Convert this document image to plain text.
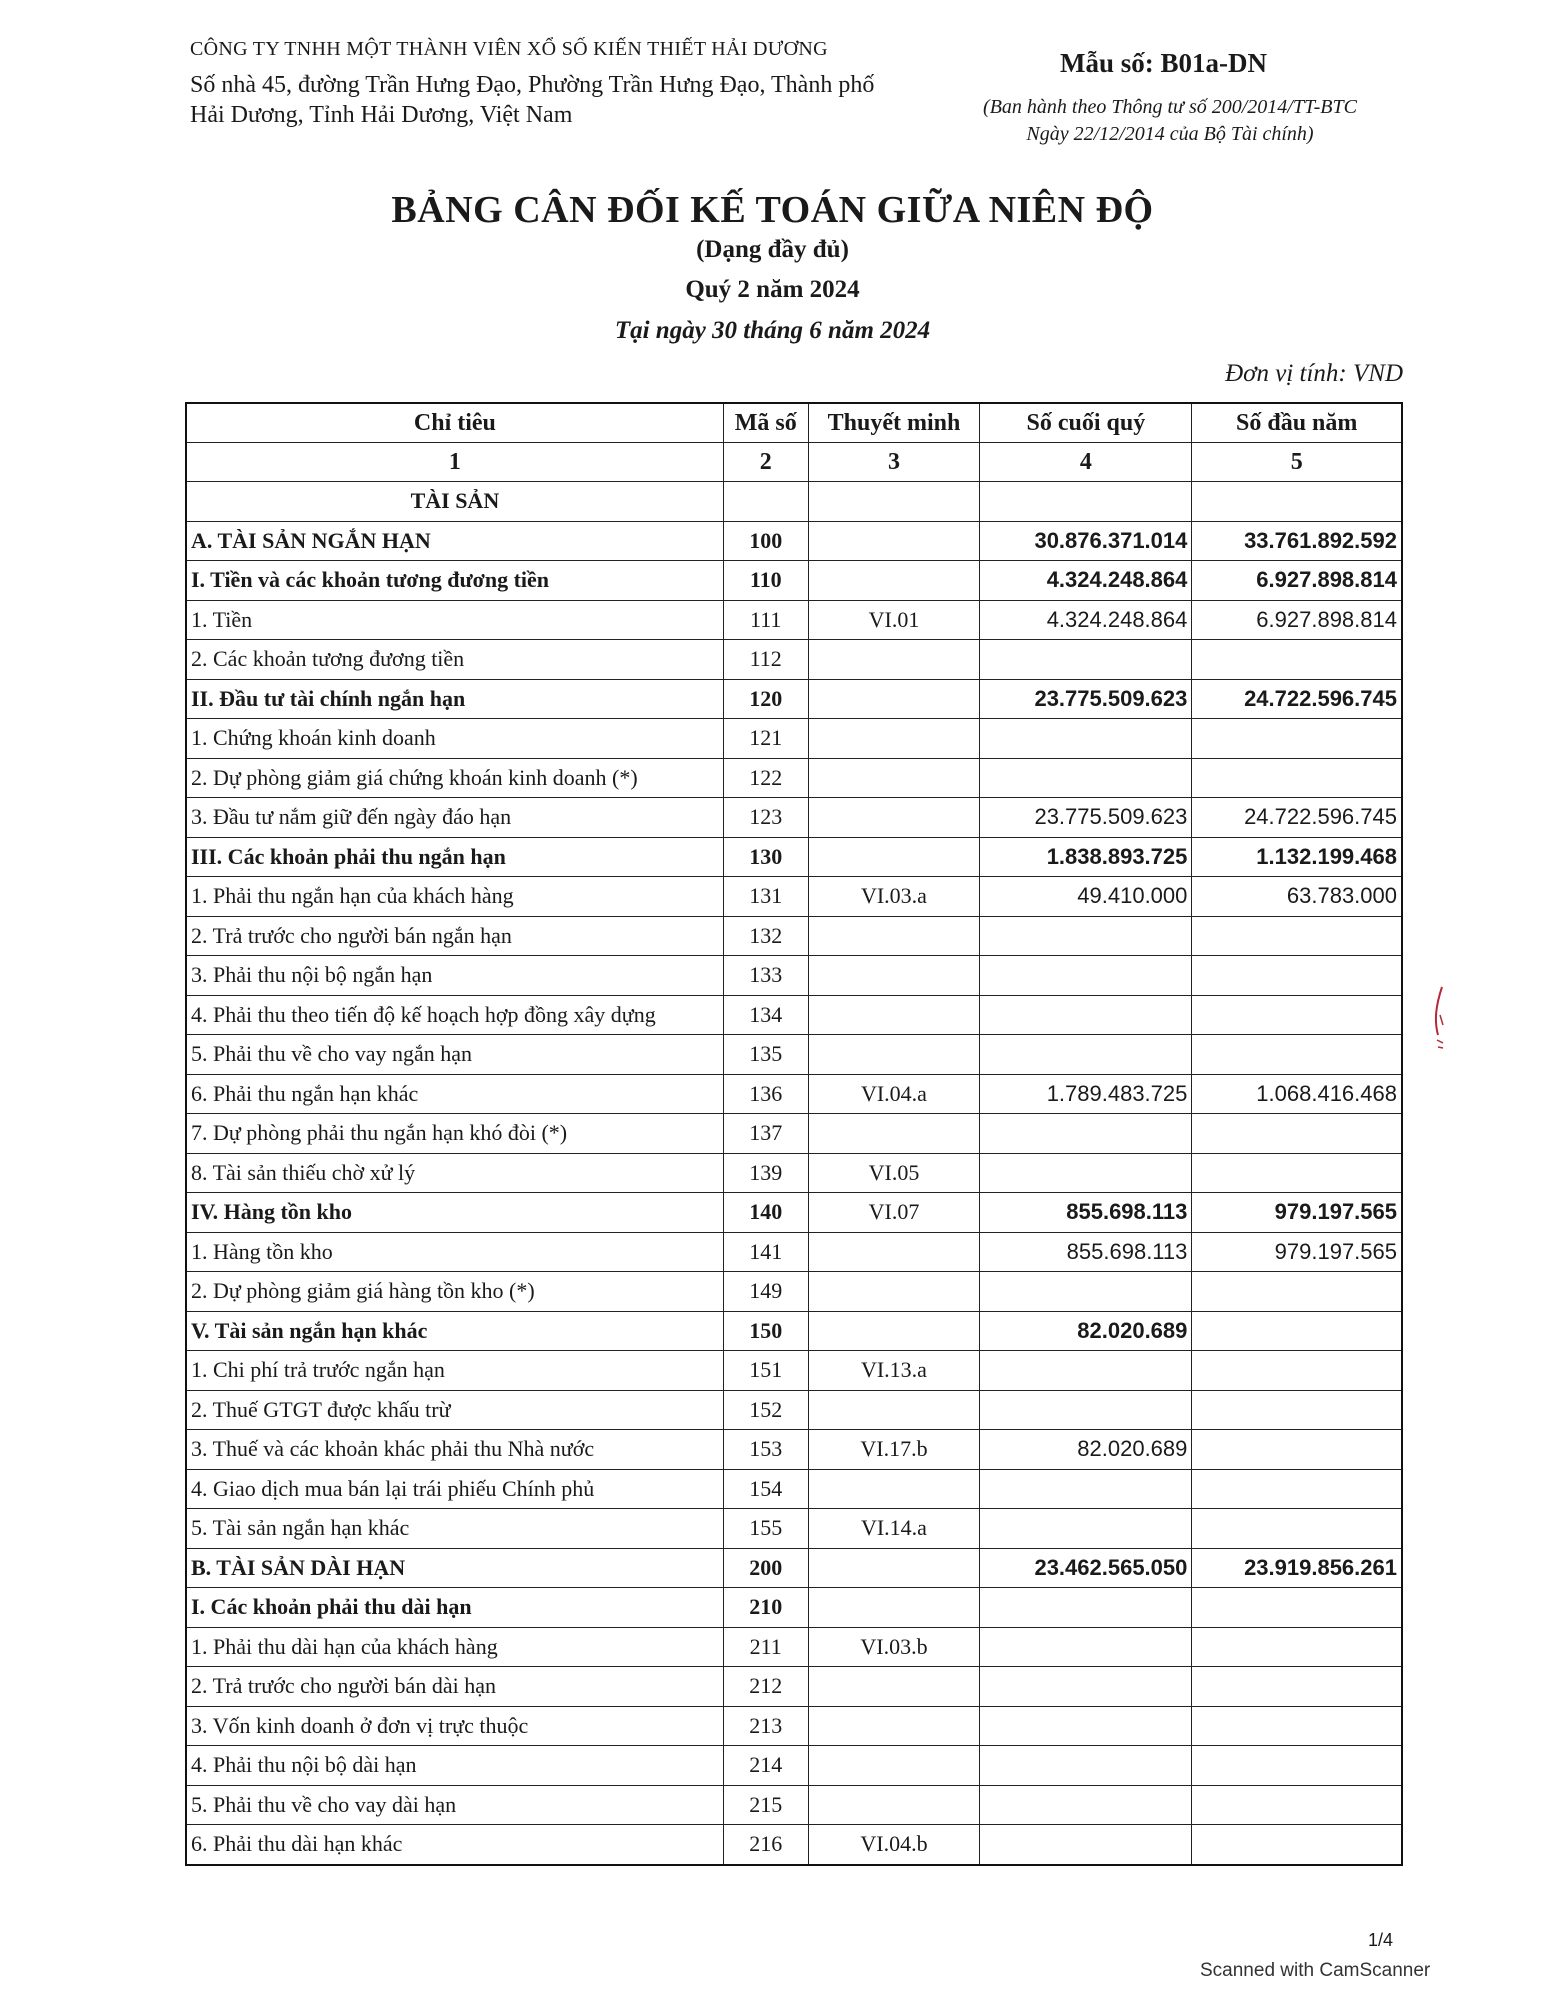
CÔNG TY TNHH MỘT THÀNH VIÊN XỔ SỐ KIẾN THIẾT HẢI DƯƠNG
Số nhà 45, đường Trần Hưng Đạo, Phường Trần Hưng Đạo, Thành phố
Hải Dương, Tỉnh Hải Dương, Việt Nam
Mẫu số: B01a-DN
(Ban hành theo Thông tư số 200/2014/TT-BTC
Ngày 22/12/2014 của Bộ Tài chính)
BẢNG CÂN ĐỐI KẾ TOÁN GIỮA NIÊN ĐỘ
(Dạng đầy đủ)
Quý 2 năm 2024
Tại ngày 30 tháng 6 năm 2024
Đơn vị tính: VND
Chỉ tiêu	Mã số	Thuyết minh	Số cuối quý	Số đầu năm
1	2	3	4	5
TÀI SẢN				
A. TÀI SẢN NGẮN HẠN	100		30.876.371.014	33.761.892.592
I. Tiền và các khoản tương đương tiền	110		4.324.248.864	6.927.898.814
1. Tiền	111	VI.01	4.324.248.864	6.927.898.814
2. Các khoản tương đương tiền	112			
II. Đầu tư tài chính ngắn hạn	120		23.775.509.623	24.722.596.745
1. Chứng khoán kinh doanh	121			
2. Dự phòng giảm giá chứng khoán kinh doanh (*)	122			
3. Đầu tư nắm giữ đến ngày đáo hạn	123		23.775.509.623	24.722.596.745
III. Các khoản phải thu ngắn hạn	130		1.838.893.725	1.132.199.468
1. Phải thu ngắn hạn của khách hàng	131	VI.03.a	49.410.000	63.783.000
2. Trả trước cho người bán ngắn hạn	132			
3. Phải thu nội bộ ngắn hạn	133			
4. Phải thu theo tiến độ kế hoạch hợp đồng xây dựng	134			
5. Phải thu về cho vay ngắn hạn	135			
6. Phải thu ngắn hạn khác	136	VI.04.a	1.789.483.725	1.068.416.468
7. Dự phòng phải thu ngắn hạn khó đòi (*)	137			
8. Tài sản thiếu chờ xử lý	139	VI.05		
IV. Hàng tồn kho	140	VI.07	855.698.113	979.197.565
1. Hàng tồn kho	141		855.698.113	979.197.565
2. Dự phòng giảm giá hàng tồn kho (*)	149			
V. Tài sản ngắn hạn khác	150		82.020.689	
1. Chi phí trả trước ngắn hạn	151	VI.13.a		
2. Thuế GTGT được khấu trừ	152			
3. Thuế và các khoản khác phải thu Nhà nước	153	VI.17.b	82.020.689	
4. Giao dịch mua bán lại trái phiếu Chính phủ	154			
5. Tài sản ngắn hạn khác	155	VI.14.a		
B. TÀI SẢN DÀI HẠN	200		23.462.565.050	23.919.856.261
I. Các khoản phải thu dài hạn	210			
1. Phải thu dài hạn của khách hàng	211	VI.03.b		
2. Trả trước cho người bán dài hạn	212			
3. Vốn kinh doanh ở đơn vị trực thuộc	213			
4. Phải thu nội bộ dài hạn	214			
5. Phải thu về cho vay dài hạn	215			
6. Phải thu dài hạn khác	216	VI.04.b		
1/4
Scanned with CamScanner
